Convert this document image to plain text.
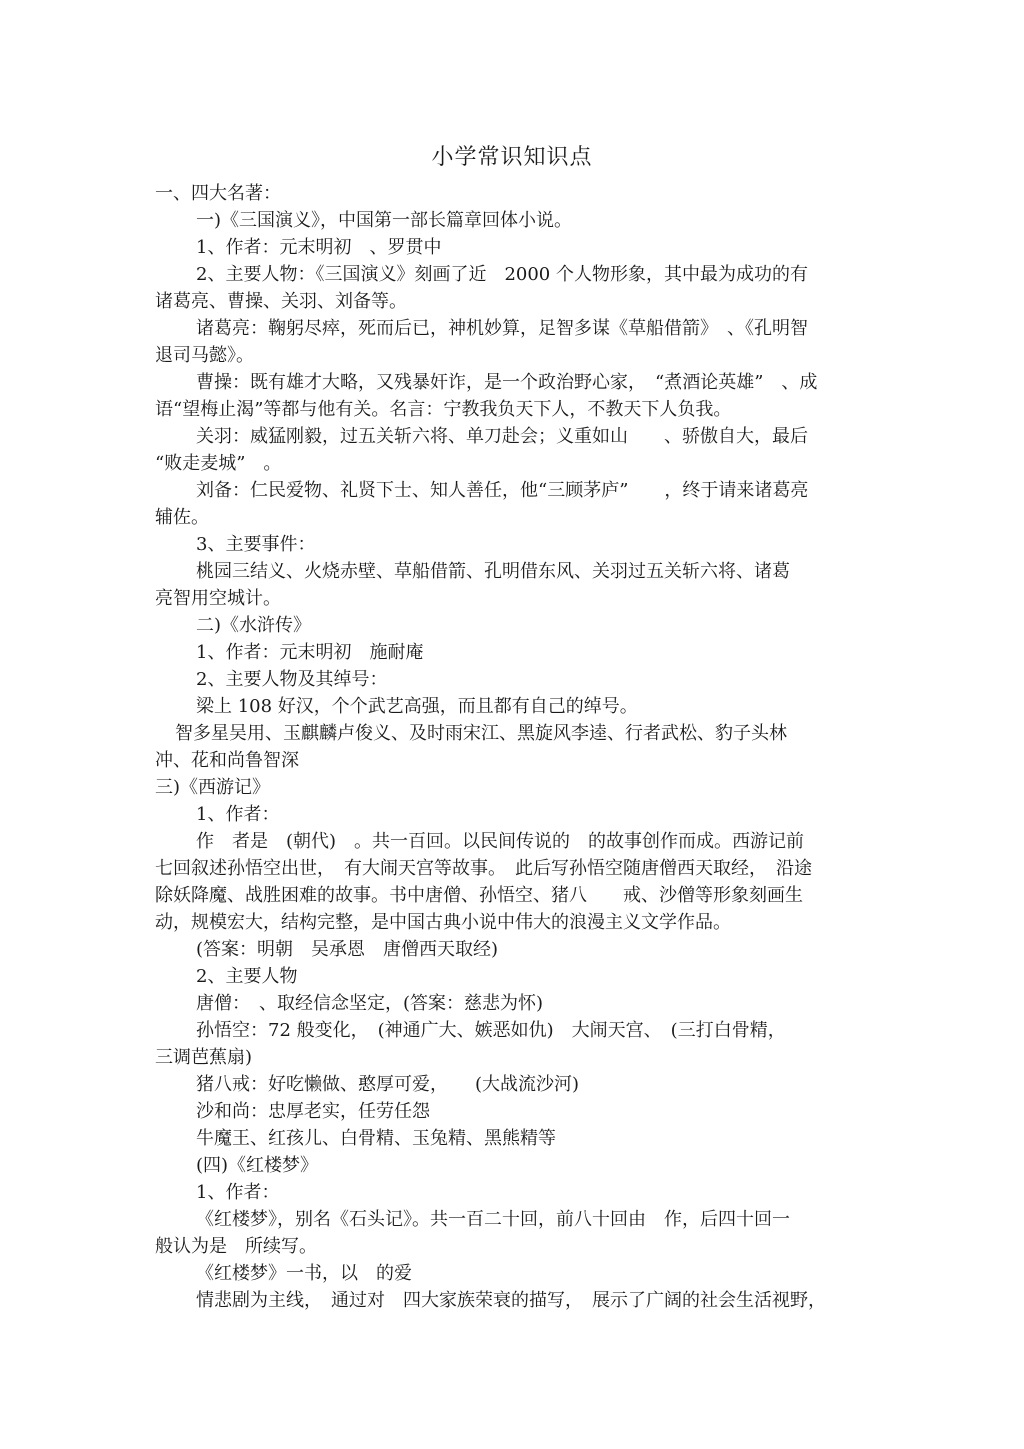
小学常识知识点
一、四大名著：
一)《三国演义》，中国第一部长篇章回体小说。
1、作者：元末明初　、罗贯中
2、主要人物：《三国演义》刻画了近　2000 个人物形象，其中最为成功的有
诸葛亮、曹操、关羽、刘备等。
诸葛亮：鞠躬尽瘁，死而后已，神机妙算，足智多谋《草船借箭》　、《孔明智
退司马懿》。
曹操：既有雄才大略，又残暴奸诈，是一个政治野心家，　“煮酒论英雄”　、成
语“望梅止渴”等都与他有关。名言：宁教我负天下人，不教天下人负我。
关羽：威猛刚毅，过五关斩六将、单刀赴会；义重如山　　、骄傲自大，最后
“败走麦城”　。
刘备：仁民爱物、礼贤下士、知人善任，他“三顾茅庐”　　，终于请来诸葛亮
辅佐。
3、主要事件：
桃园三结义、火烧赤壁、草船借箭、孔明借东风、关羽过五关斩六将、诸葛
亮智用空城计。
二)《水浒传》
1、作者：元末明初　施耐庵
2、主要人物及其绰号：
梁上 108 好汉，个个武艺高强，而且都有自己的绰号。
智多星吴用、玉麒麟卢俊义、及时雨宋江、黑旋风李逵、行者武松、豹子头林
冲、花和尚鲁智深
三)《西游记》
1、作者：
作　者是　(朝代)　。共一百回。以民间传说的　的故事创作而成。西游记前
七回叙述孙悟空出世，　有大闹天宫等故事。　此后写孙悟空随唐僧西天取经，　沿途
除妖降魔、战胜困难的故事。书中唐僧、孙悟空、猪八　　戒、沙僧等形象刻画生
动，规模宏大，结构完整，是中国古典小说中伟大的浪漫主义文学作品。
(答案：明朝　吴承恩　唐僧西天取经)
2、主要人物
唐僧：　、取经信念坚定，(答案：慈悲为怀)
孙悟空：72 般变化，　(神通广大、嫉恶如仇)　大闹天宫、　(三打白骨精，
三调芭蕉扇)
猪八戒：好吃懒做、憨厚可爱，　　(大战流沙河)
沙和尚：忠厚老实，任劳任怨
牛魔王、红孩儿、白骨精、玉兔精、黑熊精等
(四)《红楼梦》
1、作者：
《红楼梦》，别名《石头记》。共一百二十回，前八十回由　作，后四十回一
般认为是　所续写。
《红楼梦》一书，以　的爱
情悲剧为主线，　通过对　四大家族荣衰的描写，　展示了广阔的社会生活视野，
